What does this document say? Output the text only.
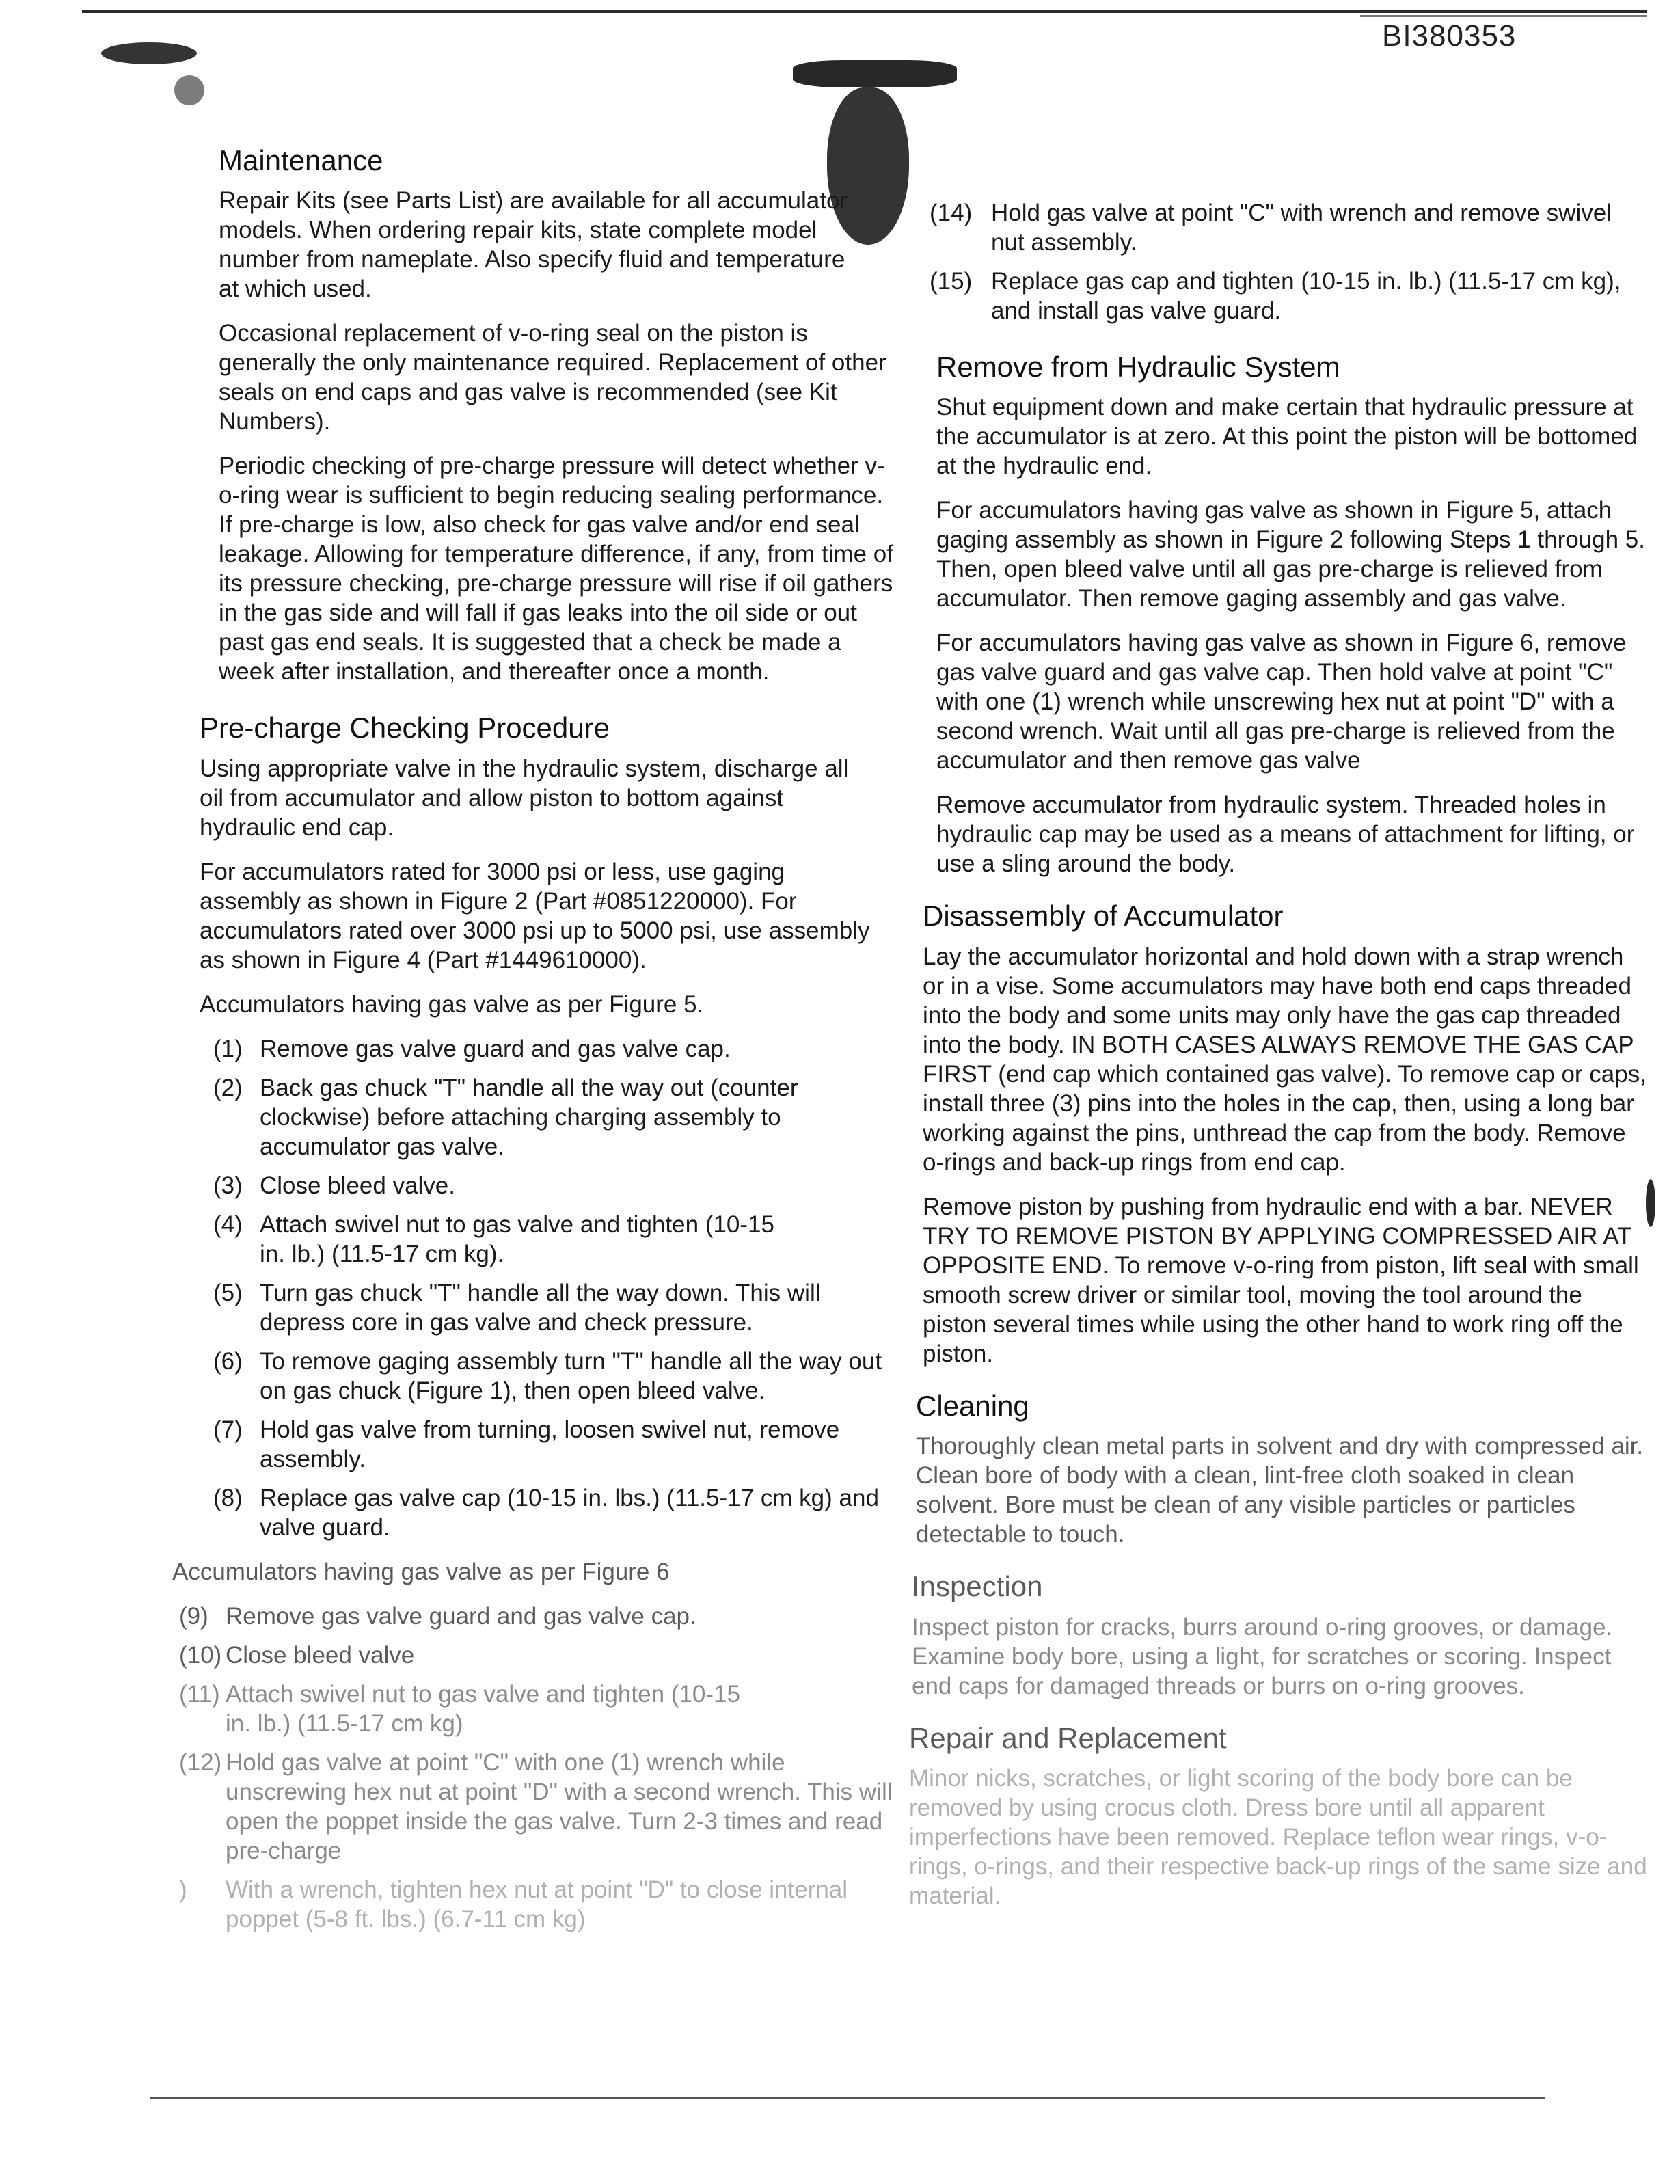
BI380353
Maintenance

Repair Kits (see Parts List) are available for all accumulator models. When ordering repair kits, state complete model number from nameplate. Also specify fluid and temperature at which used.

Occasional replacement of v-o-ring seal on the piston is generally the only maintenance required. Replacement of other seals on end caps and gas valve is recommended (see Kit Numbers).

Periodic checking of pre-charge pressure will detect whether v-o-ring wear is sufficient to begin reducing sealing performance. If pre-charge is low, also check for gas valve and/or end seal leakage. Allowing for temperature difference, if any, from time of its pressure checking, pre-charge pressure will rise if oil gathers in the gas side and will fall if gas leaks into the oil side or out past gas end seals. It is suggested that a check be made a week after installation, and thereafter once a month.

Pre-charge Checking Procedure

Using appropriate valve in the hydraulic system, discharge all oil from accumulator and allow piston to bottom against hydraulic end cap.

For accumulators rated for 3000 psi or less, use gaging assembly as shown in Figure 2 (Part #0851220000). For accumulators rated over 3000 psi up to 5000 psi, use assembly as shown in Figure 4 (Part #1449610000).

Accumulators having gas valve as per Figure 5.

(1) Remove gas valve guard and gas valve cap.
(2) Back gas chuck "T" handle all the way out (counter clockwise) before attaching charging assembly to accumulator gas valve.
(3) Close bleed valve.
(4) Attach swivel nut to gas valve and tighten (10-15 in. lb.) (11.5-17 cm kg).
(5) Turn gas chuck "T" handle all the way down. This will depress core in gas valve and check pressure.
(6) To remove gaging assembly turn "T" handle all the way out on gas chuck (Figure 1), then open bleed valve.
(7) Hold gas valve from turning, loosen swivel nut, remove assembly.
(8) Replace gas valve cap (10-15 in. lbs.) (11.5-17 cm kg) and valve guard.

Accumulators having gas valve as per Figure 6

(9) Remove gas valve guard and gas valve cap.
(10) Close bleed valve
(11) Attach swivel nut to gas valve and tighten (10-15 in. lb.) (11.5-17 cm kg)
(12) Hold gas valve at point "C" with one (1) wrench while unscrewing hex nut at point "D" with a second wrench. This will open the poppet inside the gas valve. Turn 2-3 times and read pre-charge
)	With a wrench, tighten hex nut at point "D" to close internal poppet (5-8 ft. lbs.) (6.7-11 cm kg)
(14) Hold gas valve at point "C" with wrench and remove swivel nut assembly.
(15) Replace gas cap and tighten (10-15 in. lb.) (11.5-17 cm kg), and install gas valve guard.
Remove from Hydraulic System

Shut equipment down and make certain that hydraulic pressure at the accumulator is at zero. At this point the piston will be bottomed at the hydraulic end.

For accumulators having gas valve as shown in Figure 5, attach gaging assembly as shown in Figure 2 following Steps 1 through 5. Then, open bleed valve until all gas pre-charge is relieved from accumulator. Then remove gaging assembly and gas valve.

For accumulators having gas valve as shown in Figure 6, remove gas valve guard and gas valve cap. Then hold valve at point "C" with one (1) wrench while unscrewing hex nut at point "D" with a second wrench. Wait until all gas pre-charge is relieved from the accumulator and then remove gas valve

Remove accumulator from hydraulic system. Threaded holes in hydraulic cap may be used as a means of attachment for lifting, or use a sling around the body.

Disassembly of Accumulator

Lay the accumulator horizontal and hold down with a strap wrench or in a vise. Some accumulators may have both end caps threaded into the body and some units may only have the gas cap threaded into the body. IN BOTH CASES ALWAYS REMOVE THE GAS CAP FIRST (end cap which contained gas valve). To remove cap or caps, install three (3) pins into the holes in the cap, then, using a long bar working against the pins, unthread the cap from the body. Remove o-rings and back-up rings from end cap.

Remove piston by pushing from hydraulic end with a bar. NEVER TRY TO REMOVE PISTON BY APPLYING COMPRESSED AIR AT OPPOSITE END. To remove v-o-ring from piston, lift seal with small smooth screw driver or similar tool, moving the tool around the piston several times while using the other hand to work ring off the piston.

Cleaning

Thoroughly clean metal parts in solvent and dry with compressed air. Clean bore of body with a clean, lint-free cloth soaked in clean solvent. Bore must be clean of any visible particles or particles detectable to touch.

Inspection

Inspect piston for cracks, burrs around o-ring grooves, or damage. Examine body bore, using a light, for scratches or scoring. Inspect end caps for damaged threads or burrs on o-ring grooves.

Repair and Replacement

Minor nicks, scratches, or light scoring of the body bore can be removed by using crocus cloth. Dress bore until all apparent imperfections have been removed. Replace teflon wear rings, v-o-rings, o-rings, and their respective back-up rings of the same size and material.
